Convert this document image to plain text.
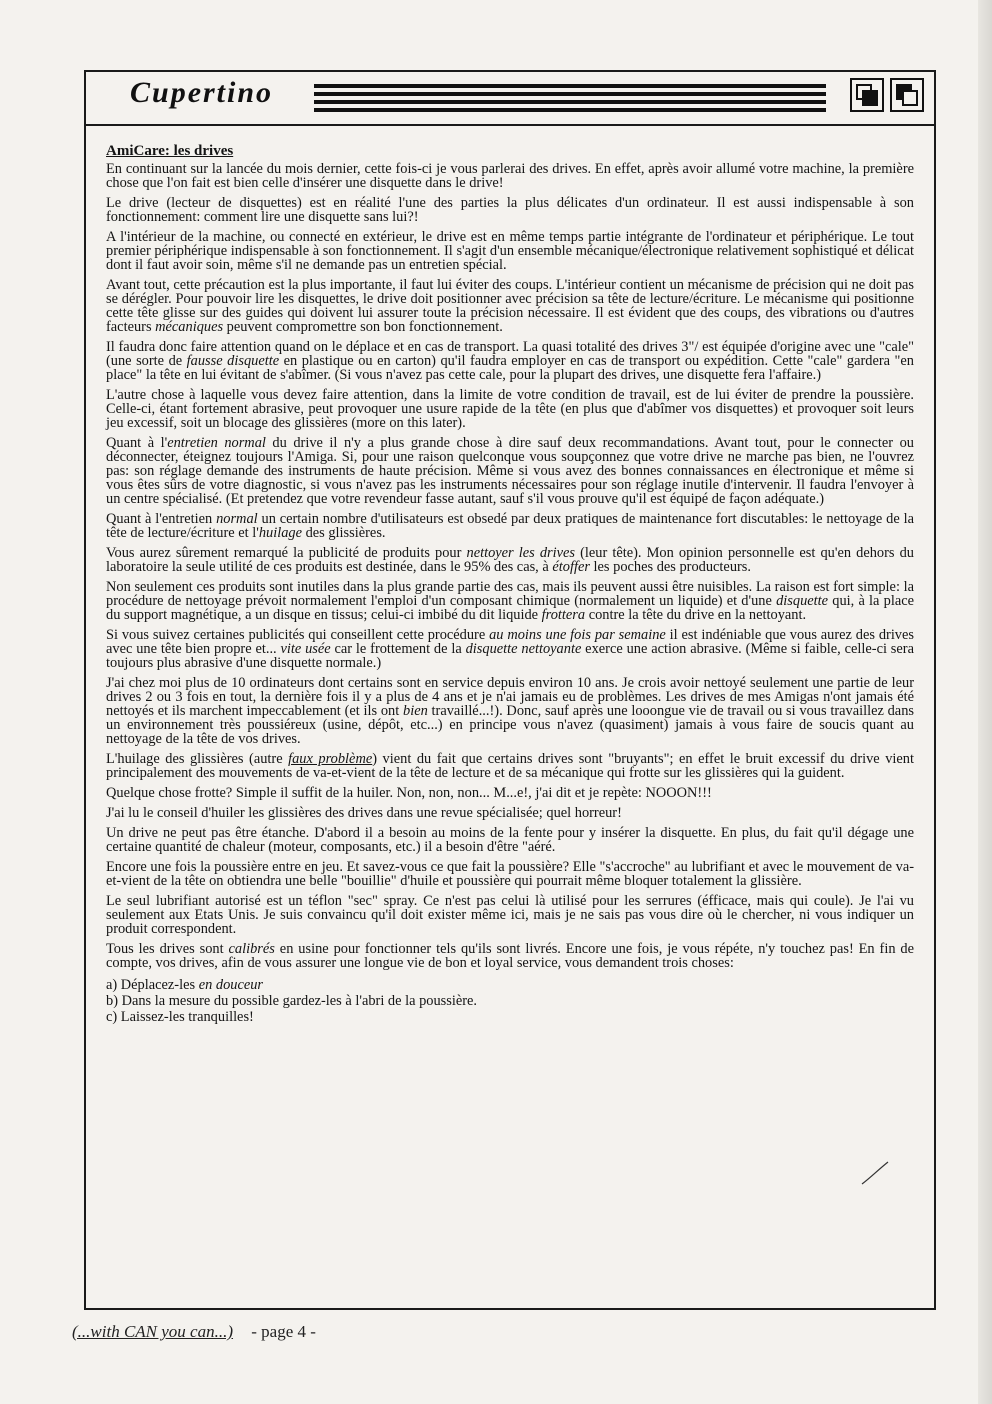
Cupertino
AmiCare: les drives

En continuant sur la lancée du mois dernier, cette fois-ci je vous parlerai des drives. En effet, après avoir allumé votre machine, la première chose que l'on fait est bien celle d'insérer une disquette dans le drive!

Le drive (lecteur de disquettes) est en réalité l'une des parties la plus délicates d'un ordinateur. Il est aussi indispensable à son fonctionnement: comment lire une disquette sans lui?!

A l'intérieur de la machine, ou connecté en extérieur, le drive est en même temps partie intégrante de l'ordinateur et périphérique. Le tout premier périphérique indispensable à son fonctionnement. Il s'agit d'un ensemble mécanique/électronique relativement sophistiqué et délicat dont il faut avoir soin, même s'il ne demande pas un entretien spécial.

Avant tout, cette précaution est la plus importante, il faut lui éviter des coups. L'intérieur contient un mécanisme de précision qui ne doit pas se dérégler. Pour pouvoir lire les disquettes, le drive doit positionner avec précision sa tête de lecture/écriture. Le mécanisme qui positionne cette tête glisse sur des guides qui doivent lui assurer toute la précision nécessaire. Il est évident que des coups, des vibrations ou d'autres facteurs mécaniques peuvent compromettre son bon fonctionnement.

Il faudra donc faire attention quand on le déplace et en cas de transport. La quasi totalité des drives 3"/ est équipée d'origine avec une "cale" (une sorte de fausse disquette en plastique ou en carton) qu'il faudra employer en cas de transport ou expédition. Cette "cale" gardera "en place" la tête en lui évitant de s'abîmer. (Si vous n'avez pas cette cale, pour la plupart des drives, une disquette fera l'affaire.)

L'autre chose à laquelle vous devez faire attention, dans la limite de votre condition de travail, est de lui éviter de prendre la poussière. Celle-ci, étant fortement abrasive, peut provoquer une usure rapide de la tête (en plus que d'abîmer vos disquettes) et provoquer soit leurs jeu excessif, soit un blocage des glissières (more on this later).

Quant à l'entretien normal du drive il n'y a plus grande chose à dire sauf deux recommandations. Avant tout, pour le connecter ou déconnecter, éteignez toujours l'Amiga. Si, pour une raison quelconque vous soupçonnez que votre drive ne marche pas bien, ne l'ouvrez pas: son réglage demande des instruments de haute précision. Même si vous avez des bonnes connaissances en électronique et même si vous êtes sûrs de votre diagnostic, si vous n'avez pas les instruments nécessaires pour son réglage inutile d'intervenir. Il faudra l'envoyer à un centre spécialisé. (Et pretendez que votre revendeur fasse autant, sauf s'il vous prouve qu'il est équipé de façon adéquate.)

Quant à l'entretien normal un certain nombre d'utilisateurs est obsedé par deux pratiques de maintenance fort discutables: le nettoyage de la tête de lecture/écriture et l'huilage des glissières.

Vous aurez sûrement remarqué la publicité de produits pour nettoyer les drives (leur tête). Mon opinion personnelle est qu'en dehors du laboratoire la seule utilité de ces produits est destinée, dans le 95% des cas, à étoffer les poches des producteurs.

Non seulement ces produits sont inutiles dans la plus grande partie des cas, mais ils peuvent aussi être nuisibles. La raison est fort simple: la procédure de nettoyage prévoit normalement l'emploi d'un composant chimique (normalement un liquide) et d'une disquette qui, à la place du support magnétique, a un disque en tissus; celui-ci imbibé du dit liquide frottera contre la tête du drive en la nettoyant.

Si vous suivez certaines publicités qui conseillent cette procédure au moins une fois par semaine il est indéniable que vous aurez des drives avec une tête bien propre et... vite usée car le frottement de la disquette nettoyante exerce une action abrasive. (Même si faible, celle-ci sera toujours plus abrasive d'une disquette normale.)

J'ai chez moi plus de 10 ordinateurs dont certains sont en service depuis environ 10 ans. Je crois avoir nettoyé seulement une partie de leur drives 2 ou 3 fois en tout, la dernière fois il y a plus de 4 ans et je n'ai jamais eu de problèmes. Les drives de mes Amigas n'ont jamais été nettoyés et ils marchent impeccablement (et ils ont bien travaillé...!). Donc, sauf après une looongue vie de travail ou si vous travaillez dans un environnement très poussiéreux (usine, dépôt, etc...) en principe vous n'avez (quasiment) jamais à vous faire de soucis quant au nettoyage de la tête de vos drives.

L'huilage des glissières (autre faux problème) vient du fait que certains drives sont "bruyants"; en effet le bruit excessif du drive vient principalement des mouvements de va-et-vient de la tête de lecture et de sa mécanique qui frotte sur les glissières qui la guident.

Quelque chose frotte? Simple il suffit de la huiler. Non, non, non... M...e!, j'ai dit et je repète: NOOON!!!

J'ai lu le conseil d'huiler les glissières des drives dans une revue spécialisée; quel horreur!

Un drive ne peut pas être étanche. D'abord il a besoin au moins de la fente pour y insérer la disquette. En plus, du fait qu'il dégage une certaine quantité de chaleur (moteur, composants, etc.) il a besoin d'être "aéré.

Encore une fois la poussière entre en jeu. Et savez-vous ce que fait la poussière? Elle "s'accroche" au lubrifiant et avec le mouvement de va-et-vient de la tête on obtiendra une belle "bouillie" d'huile et poussière qui pourrait même bloquer totalement la glissière.

Le seul lubrifiant autorisé est un téflon "sec" spray. Ce n'est pas celui là utilisé pour les serrures (éfficace, mais qui coule). Je l'ai vu seulement aux Etats Unis. Je suis convaincu qu'il doit exister même ici, mais je ne sais pas vous dire où le chercher, ni vous indiquer un produit correspondent.

Tous les drives sont calibrés en usine pour fonctionner tels qu'ils sont livrés. Encore une fois, je vous répéte, n'y touchez pas! En fin de compte, vos drives, afin de vous assurer une longue vie de bon et loyal service, vous demandent trois choses:

a) Déplacez-les en douceur
b) Dans la mesure du possible gardez-les à l'abri de la poussière.
c) Laissez-les tranquilles!
(...with CAN you can...) - page 4 -
